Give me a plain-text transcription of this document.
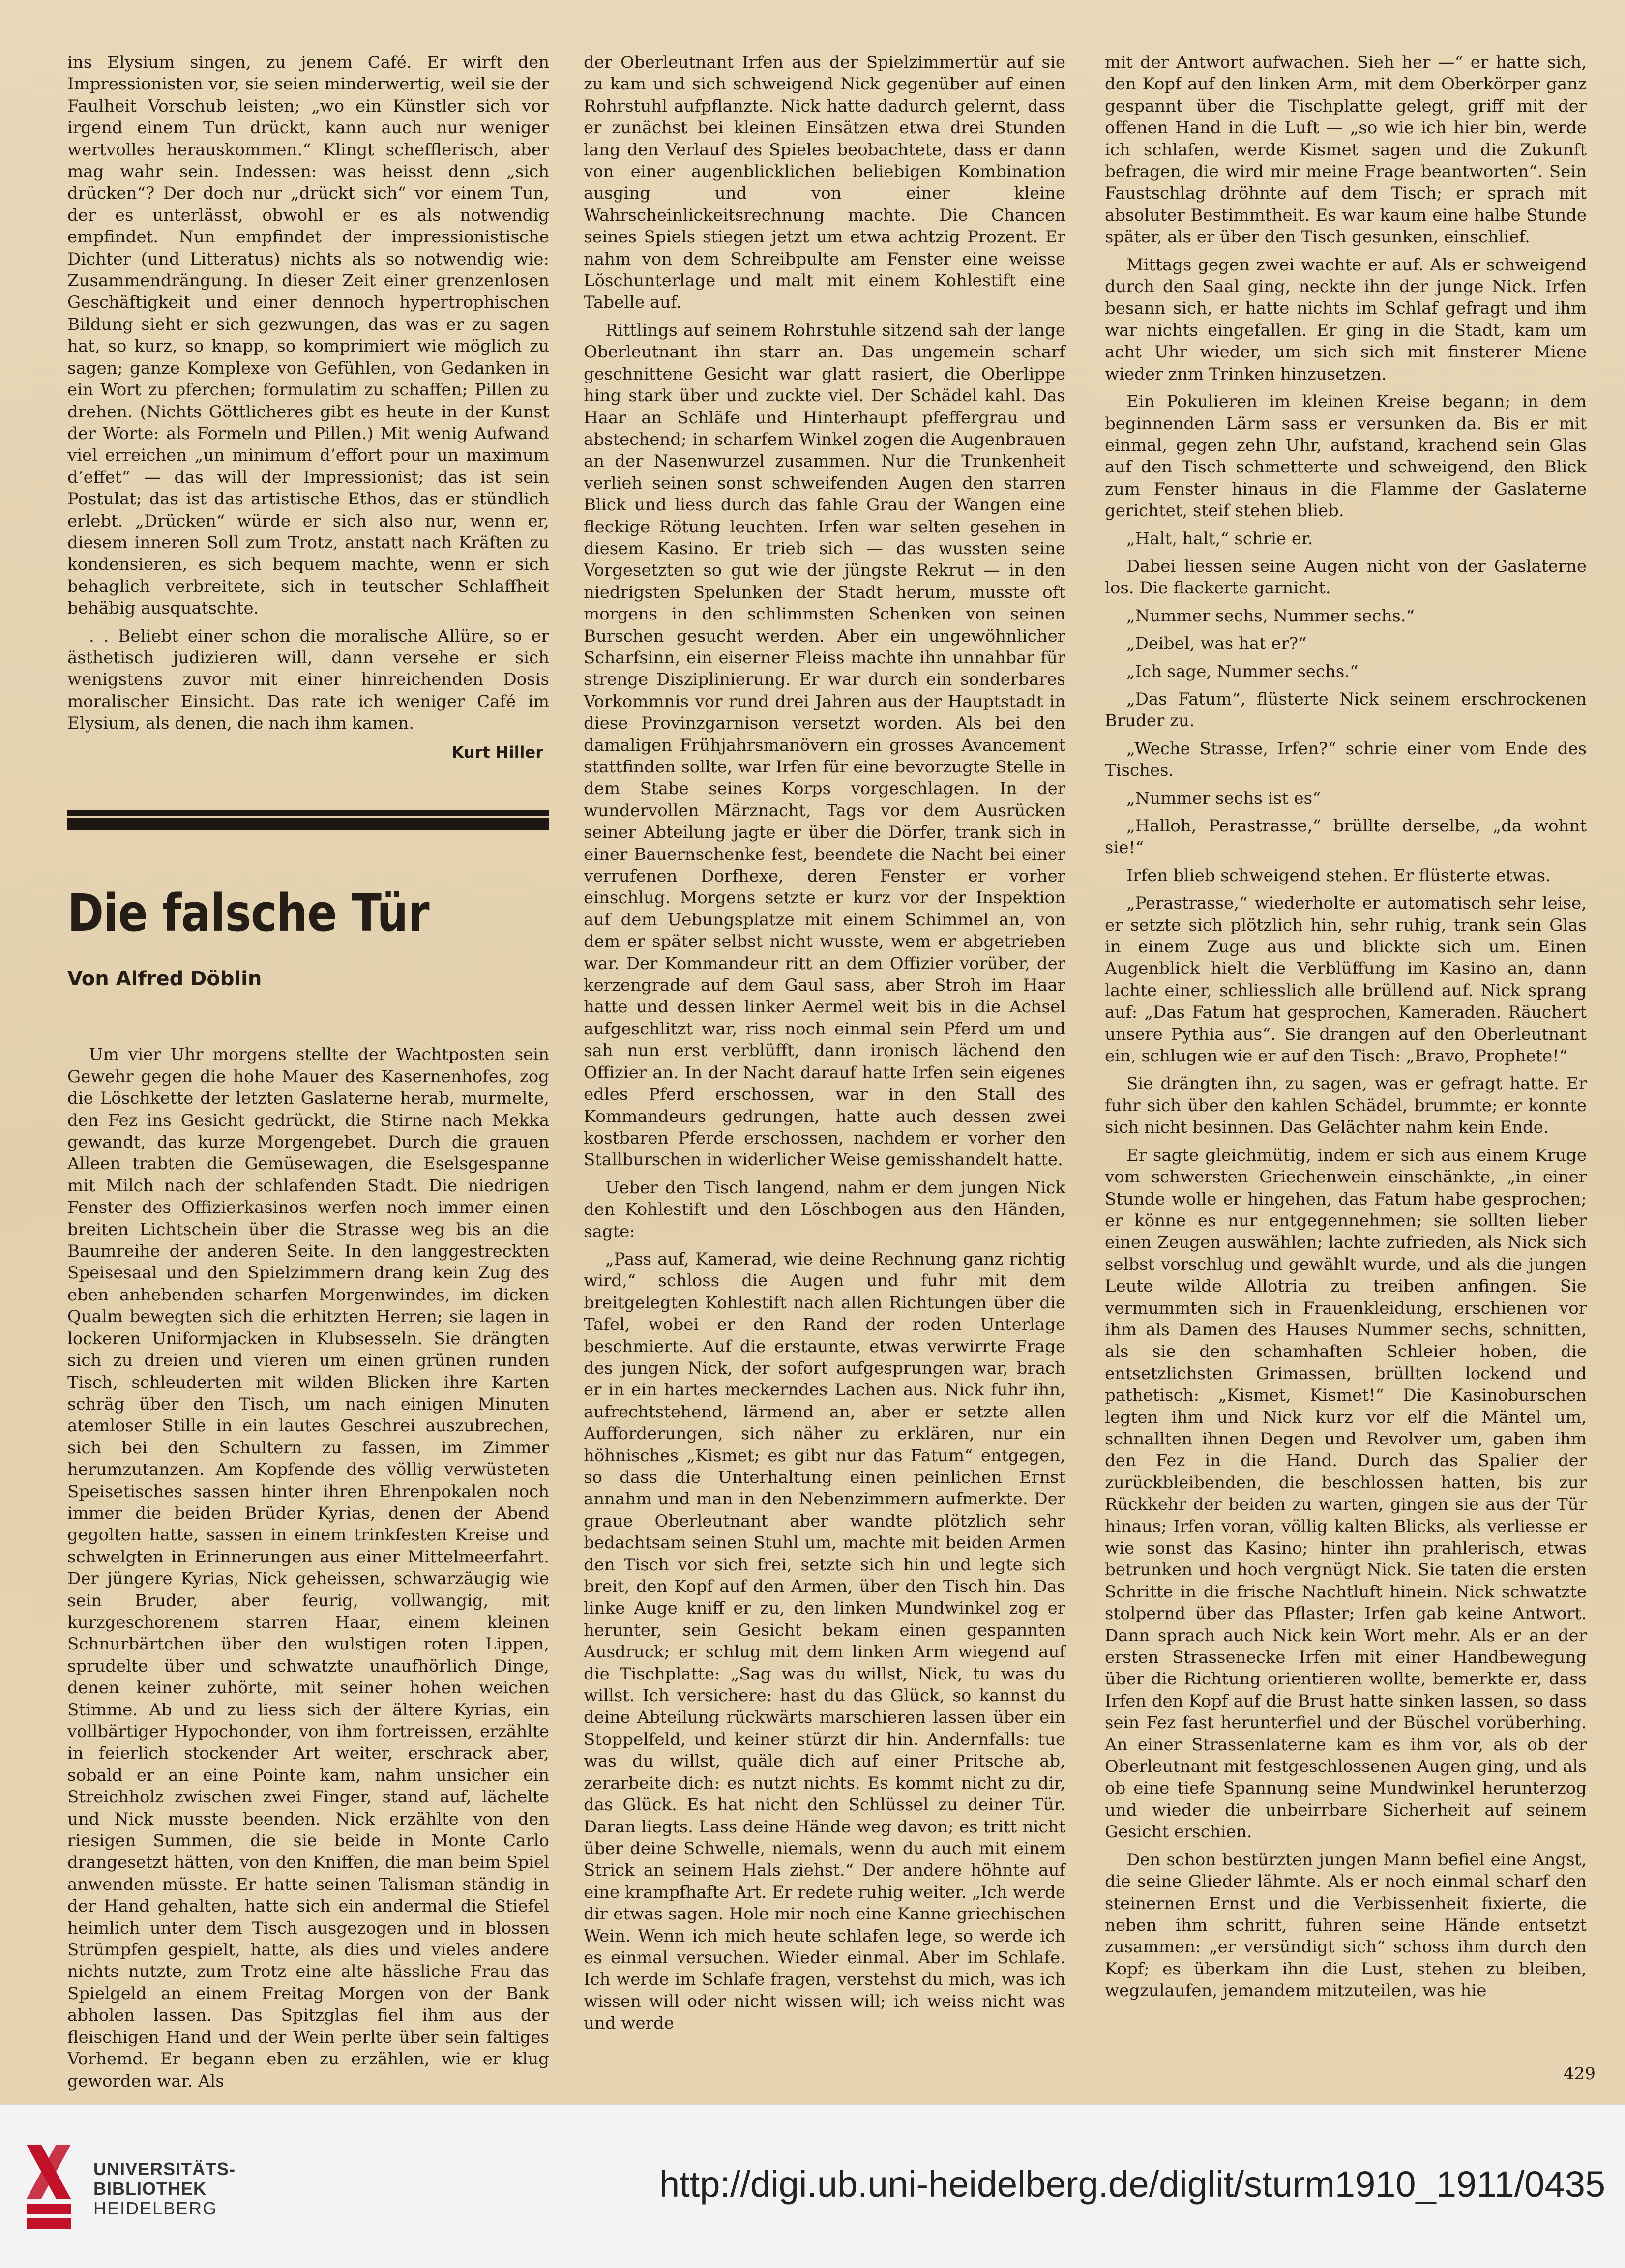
ins Elysium singen, zu jenem Café. Er wirft den Impressionisten vor, sie seien minderwertig, weil sie der Faulheit Vorschub leisten; „wo ein Künstler sich vor irgend einem Tun drückt, kann auch nur weniger wertvolles herauskommen.“ Klingt schefflerisch, aber mag wahr sein. Indessen: was heisst denn „sich drücken“? Der doch nur „drückt sich“ vor einem Tun, der es unterlässt, obwohl er es als notwendig empfindet. Nun empfindet der impressionistische Dichter (und Litteratus) nichts als so notwendig wie: Zusammendrängung. In dieser Zeit einer grenzenlosen Geschäftigkeit und einer dennoch hypertrophischen Bildung sieht er sich gezwungen, das was er zu sagen hat, so kurz, so knapp, so komprimiert wie möglich zu sagen; ganze Komplexe von Gefühlen, von Gedanken in ein Wort zu pferchen; formulatim zu schaffen; Pillen zu drehen. (Nichts Göttlicheres gibt es heute in der Kunst der Worte: als Formeln und Pillen.) Mit wenig Aufwand viel erreichen „un minimum d’effort pour un maximum d’effet“ — das will der Impressionist; das ist sein Postulat; das ist das artistische Ethos, das er stündlich erlebt. „Drücken“ würde er sich also nur, wenn er, diesem inneren Soll zum Trotz, anstatt nach Kräften zu kondensieren, es sich bequem machte, wenn er sich behaglich verbreitete, sich in teutscher Schlaffheit behäbig ausquatschte.

. . Beliebt einer schon die moralische Allüre, so er ästhetisch judizieren will, dann versehe er sich wenigstens zuvor mit einer hinreichenden Dosis moralischer Einsicht. Das rate ich weniger Café im Elysium, als denen, die nach ihm kamen.

Kurt Hiller
Die falsche Tür
Von Alfred Döblin

Um vier Uhr morgens stellte der Wachtposten sein Gewehr gegen die hohe Mauer des Kasernenhofes, zog die Löschkette der letzten Gaslaterne herab, murmelte, den Fez ins Gesicht gedrückt, die Stirne nach Mekka gewandt, das kurze Morgengebet. Durch die grauen Alleen trabten die Gemüsewagen, die Eselsgespanne mit Milch nach der schlafenden Stadt. Die niedrigen Fenster des Offizierkasinos werfen noch immer einen breiten Lichtschein über die Strasse weg bis an die Baumreihe der anderen Seite. In den langgestreckten Speisesaal und den Spielzimmern drang kein Zug des eben anhebenden scharfen Morgenwindes, im dicken Qualm bewegten sich die erhitzten Herren; sie lagen in lockeren Uniformjacken in Klubsesseln. Sie drängten sich zu dreien und vieren um einen grünen runden Tisch, schleuderten mit wilden Blicken ihre Karten schräg über den Tisch, um nach einigen Minuten atemloser Stille in ein lautes Geschrei auszubrechen, sich bei den Schultern zu fassen, im Zimmer herumzutanzen. Am Kopfende des völlig verwüsteten Speisetisches sassen hinter ihren Ehrenpokalen noch immer die beiden Brüder Kyrias, denen der Abend gegolten hatte, sassen in einem trinkfesten Kreise und schwelgten in Erinnerungen aus einer Mittelmeerfahrt. Der jüngere Kyrias, Nick geheissen, schwarzäugig wie sein Bruder, aber feurig, vollwangig, mit kurzgeschorenem starren Haar, einem kleinen Schnurbärtchen über den wulstigen roten Lippen, sprudelte über und schwatzte unaufhörlich Dinge, denen keiner zuhörte, mit seiner hohen weichen Stimme. Ab und zu liess sich der ältere Kyrias, ein vollbärtiger Hypochonder, von ihm fortreissen, erzählte in feierlich stockender Art weiter, erschrack aber, sobald er an eine Pointe kam, nahm unsicher ein Streichholz zwischen zwei Finger, stand auf, lächelte und Nick musste beenden. Nick erzählte von den riesigen Summen, die sie beide in Monte Carlo drangesetzt hätten, von den Kniffen, die man beim Spiel anwenden müsste. Er hatte seinen Talisman ständig in der Hand gehalten, hatte sich ein andermal die Stiefel heimlich unter dem Tisch ausgezogen und in blossen Strümpfen gespielt, hatte, als dies und vieles andere nichts nutzte, zum Trotz eine alte hässliche Frau das Spielgeld an einem Freitag Morgen von der Bank abholen lassen. Das Spitzglas fiel ihm aus der fleischigen Hand und der Wein perlte über sein faltiges Vorhemd. Er begann eben zu erzählen, wie er klug geworden war. Als

der Oberleutnant Irfen aus der Spielzimmertür auf sie zu kam und sich schweigend Nick gegenüber auf einen Rohrstuhl aufpflanzte. Nick hatte dadurch gelernt, dass er zunächst bei kleinen Einsätzen etwa drei Stunden lang den Verlauf des Spieles beobachtete, dass er dann von einer augenblicklichen beliebigen Kombination ausging und von einer kleine Wahrscheinlickeitsrechnung machte. Die Chancen seines Spiels stiegen jetzt um etwa achtzig Prozent. Er nahm von dem Schreibpulte am Fenster eine weisse Löschunterlage und malt mit einem Kohlestift eine Tabelle auf.

Rittlings auf seinem Rohrstuhle sitzend sah der lange Oberleutnant ihn starr an. Das ungemein scharf geschnittene Gesicht war glatt rasiert, die Oberlippe hing stark über und zuckte viel. Der Schädel kahl. Das Haar an Schläfe und Hinterhaupt pfeffergrau und abstechend; in scharfem Winkel zogen die Augenbrauen an der Nasenwurzel zusammen. Nur die Trunkenheit verlieh seinen sonst schweifenden Augen den starren Blick und liess durch das fahle Grau der Wangen eine fleckige Rötung leuchten. Irfen war selten gesehen in diesem Kasino. Er trieb sich — das wussten seine Vorgesetzten so gut wie der jüngste Rekrut — in den niedrigsten Spelunken der Stadt herum, musste oft morgens in den schlimmsten Schenken von seinen Burschen gesucht werden. Aber ein ungewöhnlicher Scharfsinn, ein eiserner Fleiss machte ihn unnahbar für strenge Disziplinierung. Er war durch ein sonderbares Vorkommnis vor rund drei Jahren aus der Hauptstadt in diese Provinzgarnison versetzt worden. Als bei den damaligen Frühjahrsmanövern ein grosses Avancement stattfinden sollte, war Irfen für eine bevorzugte Stelle in dem Stabe seines Korps vorgeschlagen. In der wundervollen Märznacht, Tags vor dem Ausrücken seiner Abteilung jagte er über die Dörfer, trank sich in einer Bauernschenke fest, beendete die Nacht bei einer verrufenen Dorfhexe, deren Fenster er vorher einschlug. Morgens setzte er kurz vor der Inspektion auf dem Uebungsplatze mit einem Schimmel an, von dem er später selbst nicht wusste, wem er abgetrieben war. Der Kommandeur ritt an dem Offizier vorüber, der kerzengrade auf dem Gaul sass, aber Stroh im Haar hatte und dessen linker Aermel weit bis in die Achsel aufgeschlitzt war, riss noch einmal sein Pferd um und sah nun erst verblüfft, dann ironisch lächend den Offizier an. In der Nacht darauf hatte Irfen sein eigenes edles Pferd erschossen, war in den Stall des Kommandeurs gedrungen, hatte auch dessen zwei kostbaren Pferde erschossen, nachdem er vorher den Stallburschen in widerlicher Weise gemisshandelt hatte.

Ueber den Tisch langend, nahm er dem jungen Nick den Kohlestift und den Löschbogen aus den Händen, sagte:

„Pass auf, Kamerad, wie deine Rechnung ganz richtig wird,“ schloss die Augen und fuhr mit dem breitgelegten Kohlestift nach allen Richtungen über die Tafel, wobei er den Rand der roden Unterlage beschmierte. Auf die erstaunte, etwas verwirrte Frage des jungen Nick, der sofort aufgesprungen war, brach er in ein hartes meckerndes Lachen aus. Nick fuhr ihn, aufrechtstehend, lärmend an, aber er setzte allen Aufforderungen, sich näher zu erklären, nur ein höhnisches „Kismet; es gibt nur das Fatum“ entgegen, so dass die Unterhaltung einen peinlichen Ernst annahm und man in den Nebenzimmern aufmerkte. Der graue Oberleutnant aber wandte plötzlich sehr bedachtsam seinen Stuhl um, machte mit beiden Armen den Tisch vor sich frei, setzte sich hin und legte sich breit, den Kopf auf den Armen, über den Tisch hin. Das linke Auge kniff er zu, den linken Mundwinkel zog er herunter, sein Gesicht bekam einen gespannten Ausdruck; er schlug mit dem linken Arm wiegend auf die Tischplatte: „Sag was du willst, Nick, tu was du willst. Ich versichere: hast du das Glück, so kannst du deine Abteilung rückwärts marschieren lassen über ein Stoppelfeld, und keiner stürzt dir hin. Andernfalls: tue was du willst, quäle dich auf einer Pritsche ab, zerarbeite dich: es nutzt nichts. Es kommt nicht zu dir, das Glück. Es hat nicht den Schlüssel zu deiner Tür. Daran liegts. Lass deine Hände weg davon; es tritt nicht über deine Schwelle, niemals, wenn du auch mit einem Strick an seinem Hals ziehst.“ Der andere höhnte auf eine krampfhafte Art. Er redete ruhig weiter. „Ich werde dir etwas sagen. Hole mir noch eine Kanne griechischen Wein. Wenn ich mich heute schlafen lege, so werde ich es einmal versuchen. Wieder einmal. Aber im Schlafe. Ich werde im Schlafe fragen, verstehst du mich, was ich wissen will oder nicht wissen will; ich weiss nicht was und werde

mit der Antwort aufwachen. Sieh her —“ er hatte sich, den Kopf auf den linken Arm, mit dem Oberkörper ganz gespannt über die Tischplatte gelegt, griff mit der offenen Hand in die Luft — „so wie ich hier bin, werde ich schlafen, werde Kismet sagen und die Zukunft befragen, die wird mir meine Frage beantworten“. Sein Faustschlag dröhnte auf dem Tisch; er sprach mit absoluter Bestimmtheit. Es war kaum eine halbe Stunde später, als er über den Tisch gesunken, einschlief.

Mittags gegen zwei wachte er auf. Als er schweigend durch den Saal ging, neckte ihn der junge Nick. Irfen besann sich, er hatte nichts im Schlaf gefragt und ihm war nichts eingefallen. Er ging in die Stadt, kam um acht Uhr wieder, um sich sich mit finsterer Miene wieder znm Trinken hinzusetzen.

Ein Pokulieren im kleinen Kreise begann; in dem beginnenden Lärm sass er versunken da. Bis er mit einmal, gegen zehn Uhr, aufstand, krachend sein Glas auf den Tisch schmetterte und schweigend, den Blick zum Fenster hinaus in die Flamme der Gaslaterne gerichtet, steif stehen blieb.

„Halt, halt,“ schrie er.

Dabei liessen seine Augen nicht von der Gaslaterne los. Die flackerte garnicht.

„Nummer sechs, Nummer sechs.“

„Deibel, was hat er?“

„Ich sage, Nummer sechs.“

„Das Fatum“, flüsterte Nick seinem erschrockenen Bruder zu.

„Weche Strasse, Irfen?“ schrie einer vom Ende des Tisches.

„Nummer sechs ist es“

„Halloh, Perastrasse,“ brüllte derselbe, „da wohnt sie!“

Irfen blieb schweigend stehen. Er flüsterte etwas.

„Perastrasse,“ wiederholte er automatisch sehr leise, er setzte sich plötzlich hin, sehr ruhig, trank sein Glas in einem Zuge aus und blickte sich um. Einen Augenblick hielt die Verblüffung im Kasino an, dann lachte einer, schliesslich alle brüllend auf. Nick sprang auf: „Das Fatum hat gesprochen, Kameraden. Räuchert unsere Pythia aus“. Sie drangen auf den Oberleutnant ein, schlugen wie er auf den Tisch: „Bravo, Prophete!“

Sie drängten ihn, zu sagen, was er gefragt hatte. Er fuhr sich über den kahlen Schädel, brummte; er konnte sich nicht besinnen. Das Gelächter nahm kein Ende.

Er sagte gleichmütig, indem er sich aus einem Kruge vom schwersten Griechenwein einschänkte, „in einer Stunde wolle er hingehen, das Fatum habe gesprochen; er könne es nur entgegennehmen; sie sollten lieber einen Zeugen auswählen; lachte zufrieden, als Nick sich selbst vorschlug und gewählt wurde, und als die jungen Leute wilde Allotria zu treiben anfingen. Sie vermummten sich in Frauenkleidung, erschienen vor ihm als Damen des Hauses Nummer sechs, schnitten, als sie den schamhaften Schleier hoben, die entsetzlichsten Grimassen, brüllten lockend und pathetisch: „Kismet, Kismet!“ Die Kasinoburschen legten ihm und Nick kurz vor elf die Mäntel um, schnallten ihnen Degen und Revolver um, gaben ihm den Fez in die Hand. Durch das Spalier der zurückbleibenden, die beschlossen hatten, bis zur Rückkehr der beiden zu warten, gingen sie aus der Tür hinaus; Irfen voran, völlig kalten Blicks, als verliesse er wie sonst das Kasino; hinter ihn prahlerisch, etwas betrunken und hoch vergnügt Nick. Sie taten die ersten Schritte in die frische Nachtluft hinein. Nick schwatzte stolpernd über das Pflaster; Irfen gab keine Antwort. Dann sprach auch Nick kein Wort mehr. Als er an der ersten Strassenecke Irfen mit einer Handbewegung über die Richtung orientieren wollte, bemerkte er, dass Irfen den Kopf auf die Brust hatte sinken lassen, so dass sein Fez fast herunterfiel und der Büschel vorüberhing. An einer Strassenlaterne kam es ihm vor, als ob der Oberleutnant mit festgeschlossenen Augen ging, und als ob eine tiefe Spannung seine Mundwinkel herunterzog und wieder die unbeirrbare Sicherheit auf seinem Gesicht erschien.

Den schon bestürzten jungen Mann befiel eine Angst, die seine Glieder lähmte. Als er noch einmal scharf den steinernen Ernst und die Verbissenheit fixierte, die neben ihm schritt, fuhren seine Hände entsetzt zusammen: „er versündigt sich“ schoss ihm durch den Kopf; es überkam ihn die Lust, stehen zu bleiben, wegzulaufen, jemandem mitzuteilen, was hie

429
UNIVERSITÄTS-
BIBLIOTHEK
HEIDELBERG
http://digi.ub.uni-heidelberg.de/diglit/sturm1910_1911/0435
